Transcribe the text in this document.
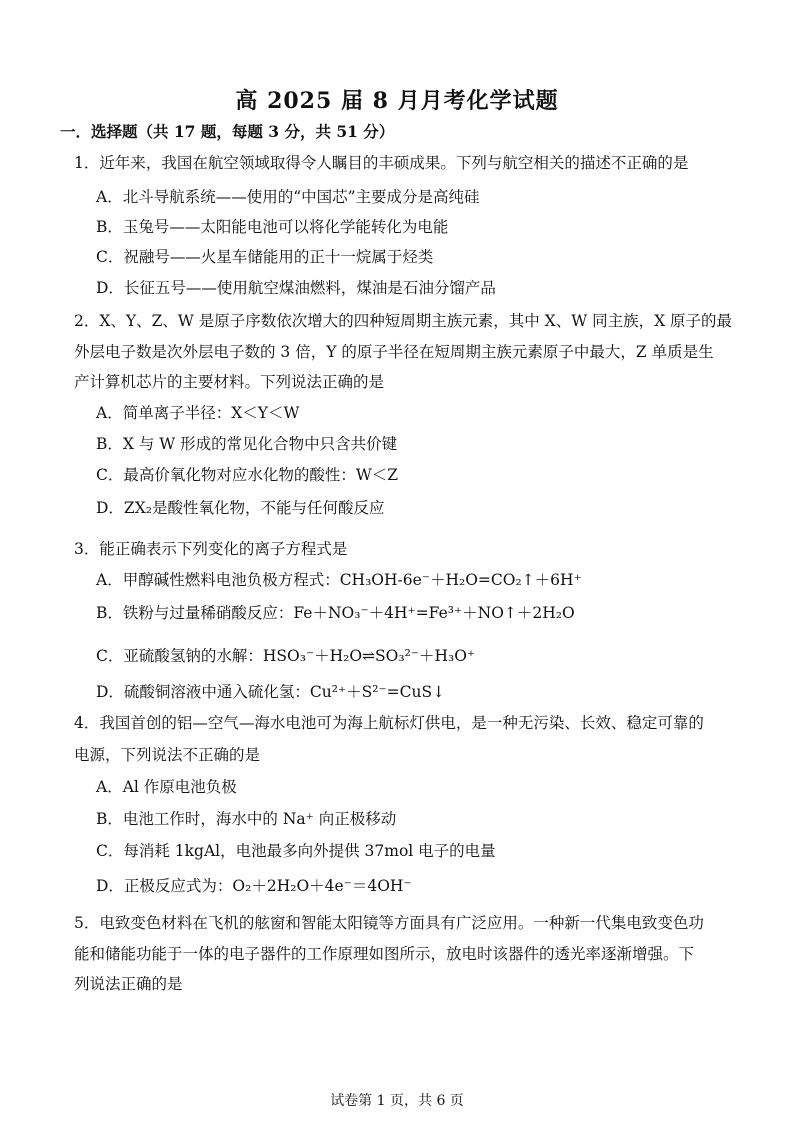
高 2025 届 8 月月考化学试题
一．选择题（共 17 题，每题 3 分，共 51 分）
1．近年来，我国在航空领域取得令人瞩目的丰硕成果。下列与航空相关的描述不正确的是
A．北斗导航系统——使用的“中国芯”主要成分是高纯硅
B．玉兔号——太阳能电池可以将化学能转化为电能
C．祝融号——火星车储能用的正十一烷属于烃类
D．长征五号——使用航空煤油燃料，煤油是石油分馏产品
2．X、Y、Z、W 是原子序数依次增大的四种短周期主族元素，其中 X、W 同主族，X 原子的最
外层电子数是次外层电子数的 3 倍，Y 的原子半径在短周期主族元素原子中最大，Z 单质是生
产计算机芯片的主要材料。下列说法正确的是
A．简单离子半径：X＜Y＜W
B．X 与 W 形成的常见化合物中只含共价键
C．最高价氧化物对应水化物的酸性：W＜Z
D．ZX₂是酸性氧化物，不能与任何酸反应
3．能正确表示下列变化的离子方程式是
A．甲醇碱性燃料电池负极方程式：CH₃OH-6e⁻＋H₂O=CO₂↑＋6H⁺
B．铁粉与过量稀硝酸反应：Fe＋NO₃⁻＋4H⁺=Fe³⁺＋NO↑＋2H₂O
C．亚硫酸氢钠的水解：HSO₃⁻＋H₂O⇌SO₃²⁻＋H₃O⁺
D．硫酸铜溶液中通入硫化氢：Cu²⁺＋S²⁻=CuS↓
4．我国首创的铝—空气—海水电池可为海上航标灯供电，是一种无污染、长效、稳定可靠的
电源，下列说法不正确的是
A．Al 作原电池负极
B．电池工作时，海水中的 Na⁺ 向正极移动
C．每消耗 1kgAl，电池最多向外提供 37mol 电子的电量
D．正极反应式为：O₂＋2H₂O＋4e⁻＝4OH⁻
5．电致变色材料在飞机的舷窗和智能太阳镜等方面具有广泛应用。一种新一代集电致变色功
能和储能功能于一体的电子器件的工作原理如图所示，放电时该器件的透光率逐渐增强。下
列说法正确的是
试卷第 1 页，共 6 页
